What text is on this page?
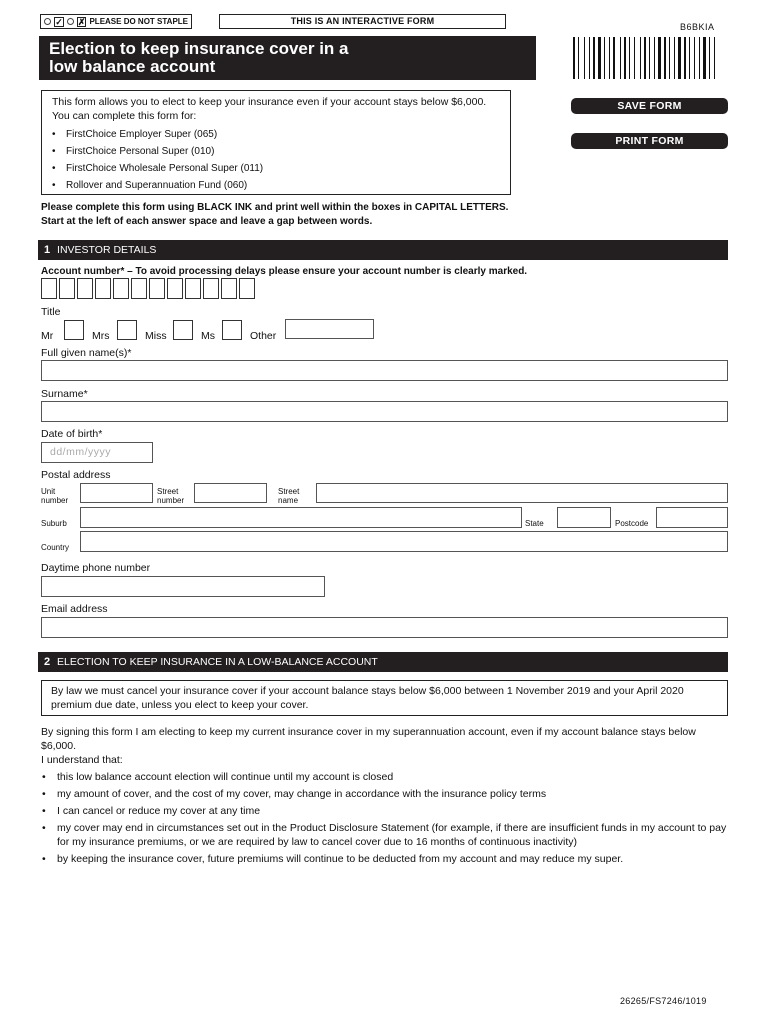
✓ ✗ PLEASE DO NOT STAPLE	THIS IS AN INTERACTIVE FORM
B6BKIA
Election to keep insurance cover in a
low balance account
This form allows you to elect to keep your insurance even if your account stays below $6,000. You can complete this form for:
• FirstChoice Employer Super (065)
• FirstChoice Personal Super (010)
• FirstChoice Wholesale Personal Super (011)
• Rollover and Superannuation Fund (060)
SAVE FORM
PRINT FORM
Please complete this form using BLACK INK and print well within the boxes in CAPITAL LETTERS.
Start at the left of each answer space and leave a gap between words.
1 INVESTOR DETAILS
Account number* – To avoid processing delays please ensure your account number is clearly marked.
Title
Mr	Mrs	Miss	Ms	Other
Full given name(s)*
Surname*
Date of birth*
dd/mm/yyyy
Postal address
Unit number
Street number
Street name
Suburb	State	Postcode
Country
Daytime phone number
Email address
2 ELECTION TO KEEP INSURANCE IN A LOW-BALANCE ACCOUNT
By law we must cancel your insurance cover if your account balance stays below $6,000 between 1 November 2019 and your April 2020 premium due date, unless you elect to keep your cover.
By signing this form I am electing to keep my current insurance cover in my superannuation account, even if my account balance stays below $6,000.
I understand that:
• this low balance account election will continue until my account is closed
• my amount of cover, and the cost of my cover, may change in accordance with the insurance policy terms
• I can cancel or reduce my cover at any time
• my cover may end in circumstances set out in the Product Disclosure Statement (for example, if there are insufficient funds in my account to pay for my insurance premiums, or we are required by law to cancel cover due to 16 months of continuous inactivity)
• by keeping the insurance cover, future premiums will continue to be deducted from my account and may reduce my super.
26265/FS7246/1019
